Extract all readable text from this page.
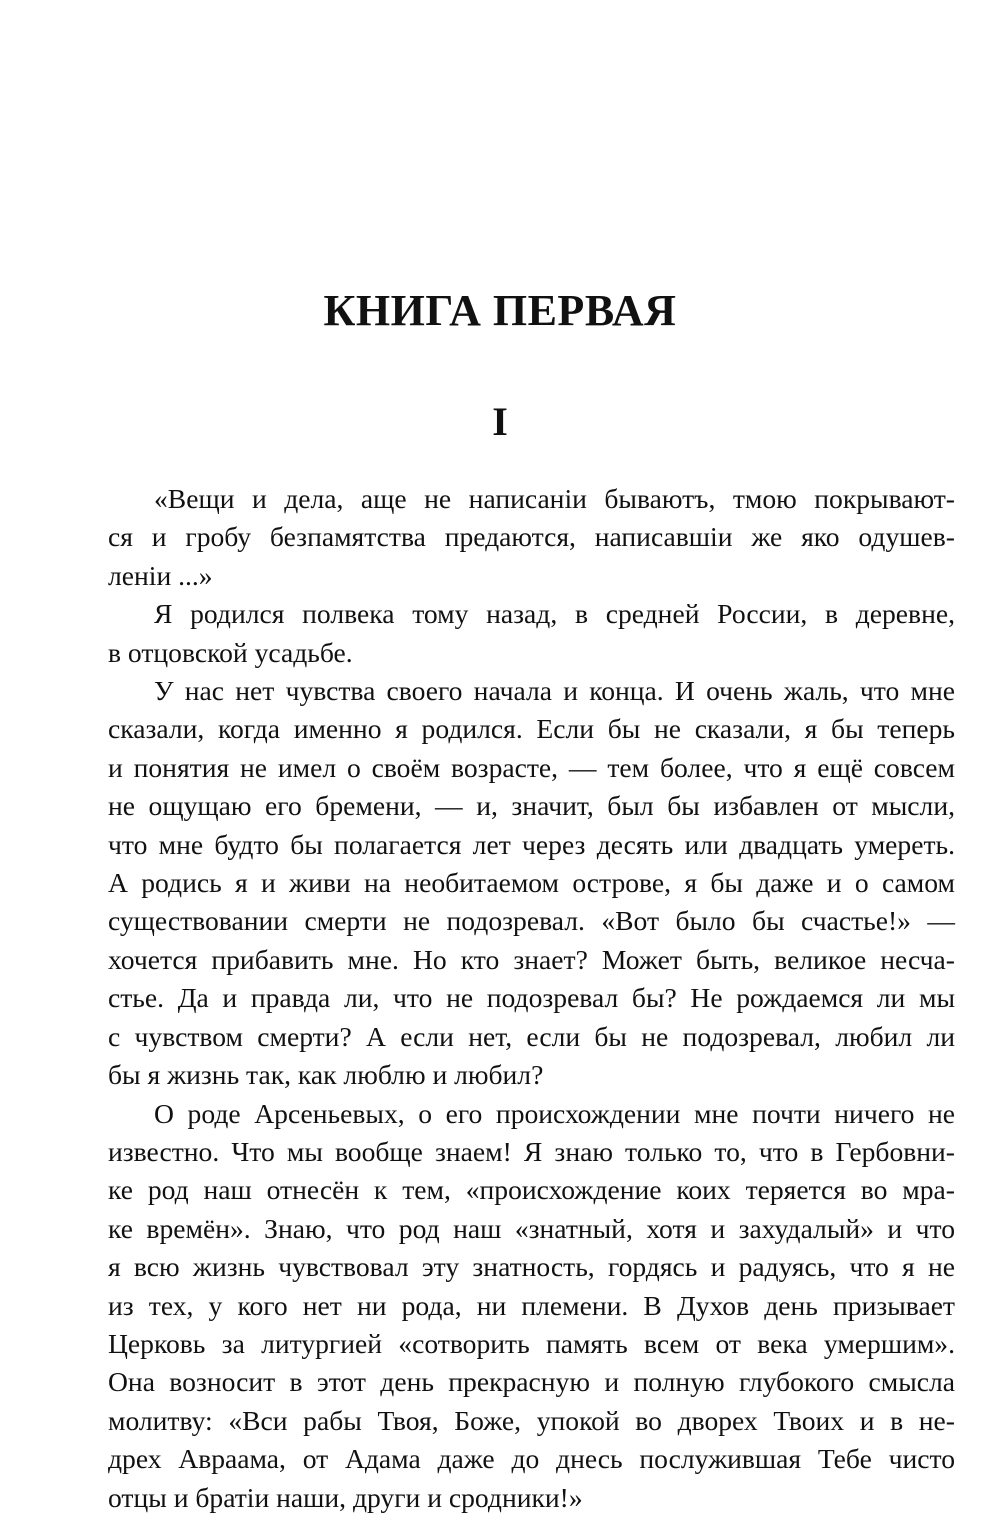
КНИГА ПЕРВАЯ
I

«Вещи и дела, аще не написанiи бываютъ, тмою покрывают-
ся и гробу безпамятства предаются, написавшiи же яко одушев-
ленiи ...»

Я родился полвека тому назад, в средней России, в деревне,
в отцовской усадьбе.

У нас нет чувства своего начала и конца. И очень жаль, что мне
сказали, когда именно я родился. Если бы не сказали, я бы теперь
и понятия не имел о своём возрасте, — тем более, что я ещё совсем
не ощущаю его бремени, — и, значит, был бы избавлен от мысли,
что мне будто бы полагается лет через десять или двадцать умереть.
А родись я и живи на необитаемом острове, я бы даже и о самом
существовании смерти не подозревал. «Вот было бы счастье!» —
хочется прибавить мне. Но кто знает? Может быть, великое несча-
стье. Да и правда ли, что не подозревал бы? Не рождаемся ли мы
с чувством смерти? А если нет, если бы не подозревал, любил ли
бы я жизнь так, как люблю и любил?

О роде Арсеньевых, о его происхождении мне почти ничего не
известно. Что мы вообще знаем! Я знаю только то, что в Гербовни-
ке род наш отнесён к тем, «происхождение коих теряется во мра-
ке времён». Знаю, что род наш «знатный, хотя и захудалый» и что
я всю жизнь чувствовал эту знатность, гордясь и радуясь, что я не
из тех, у кого нет ни рода, ни племени. В Духов день призывает
Церковь за литургией «сотворить память всем от века умершим».
Она возносит в этот день прекрасную и полную глубокого смысла
молитву: «Вси рабы Твоя, Боже, упокой во дворех Твоих и в не-
дрех Авраама, от Адама даже до днесь послужившая Тебе чисто
отцы и братiи наши, други и сродники!»
